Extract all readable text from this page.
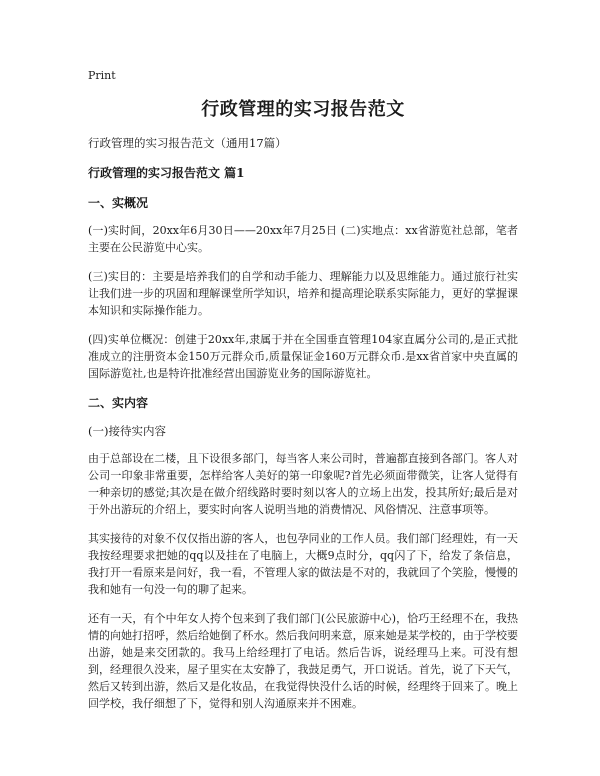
Print
行政管理的实习报告范文
行政管理的实习报告范文（通用17篇）
行政管理的实习报告范文 篇1
一、实概况

(一)实时间，20xx年6月30日——20xx年7月25日 (二)实地点：xx省游览社总部，笔者主要在公民游览中心实。

(三)实目的：主要是培养我们的自学和动手能力、理解能力以及思维能力。通过旅行社实让我们进一步的巩固和理解课堂所学知识，培养和提高理论联系实际能力，更好的掌握课本知识和实际操作能力。

(四)实单位概况：创建于20xx年,隶属于并在全国垂直管理104家直属分公司的,是正式批准成立的注册资本金150万元群众币,质量保证金160万元群众币.是xx省首家中央直属的国际游览社,也是特许批准经营出国游览业务的国际游览社。

二、实内容
(一)接待实内容

由于总部设在二楼，且下设很多部门，每当客人来公司时，普遍都直接到各部门。客人对公司一印象非常重要，怎样给客人美好的第一印象呢?首先必须面带微笑，让客人觉得有一种亲切的感觉;其次是在做介绍线路时要时刻以客人的立场上出发，投其所好;最后是对于外出游玩的介绍上，要实时向客人说明当地的消费情况、风俗情况、注意事项等。

其实接待的对象不仅仅指出游的客人，也包孕同业的工作人员。我们部门经理姓，有一天我按经理要求把她的qq以及挂在了电脑上，大概9点时分，qq闪了下，给发了条信息，我打开一看原来是问好，我一看，不管理人家的做法是不对的，我就回了个笑脸，慢慢的我和她有一句没一句的聊了起来。

还有一天，有个中年女人挎个包来到了我们部门(公民旅游中心)，恰巧王经理不在，我热情的向她打招呼，然后给她倒了杯水。然后我问明来意，原来她是某学校的，由于学校要出游，她是来交团款的。我马上给经理打了电话。然后告诉，说经理马上来。可没有想到，经理很久没来，屋子里实在太安静了，我鼓足勇气，开口说话。首先，说了下天气，然后又转到出游，然后又是化妆品，在我觉得快没什么话的时候，经理终于回来了。晚上回学校，我仔细想了下，觉得和别人沟通原来并不困难。
